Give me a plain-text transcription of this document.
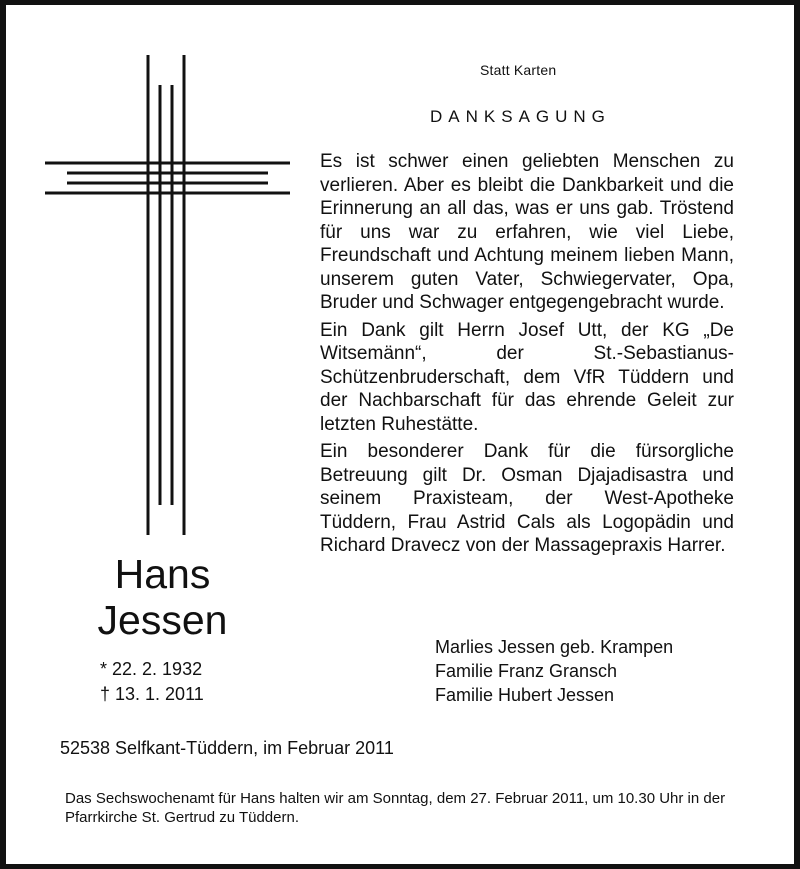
Statt Karten
DANKSAGUNG

Es ist schwer einen geliebten Menschen zu verlieren. Aber es bleibt die Dankbarkeit und die Erinnerung an all das, was er uns gab. Tröstend für uns war zu erfahren, wie viel Liebe, Freundschaft und Achtung meinem lieben Mann, unserem guten Vater, Schwiegervater, Opa, Bruder und Schwager entgegengebracht wurde.

Ein Dank gilt Herrn Josef Utt, der KG „De Witsemänn“, der St.-Sebastianus-Schützenbruderschaft, dem VfR Tüddern und der Nachbarschaft für das ehrende Geleit zur letzten Ruhestätte.

Ein besonderer Dank für die fürsorgliche Betreuung gilt Dr. Osman Djajadisastra und seinem Praxisteam, der West-Apotheke Tüddern, Frau Astrid Cals als Logopädin und Richard Dravecz von der Massagepraxis Harrer.

Hans
Jessen
* 22. 2. 1932
† 13. 1. 2011
Marlies Jessen geb. Krampen
Familie Franz Gransch
Familie Hubert Jessen
52538 Selfkant-Tüddern, im Februar 2011
Das Sechswochenamt für Hans halten wir am Sonntag, dem 27. Februar 2011, um 10.30 Uhr in der Pfarrkirche St. Gertrud zu Tüddern.
